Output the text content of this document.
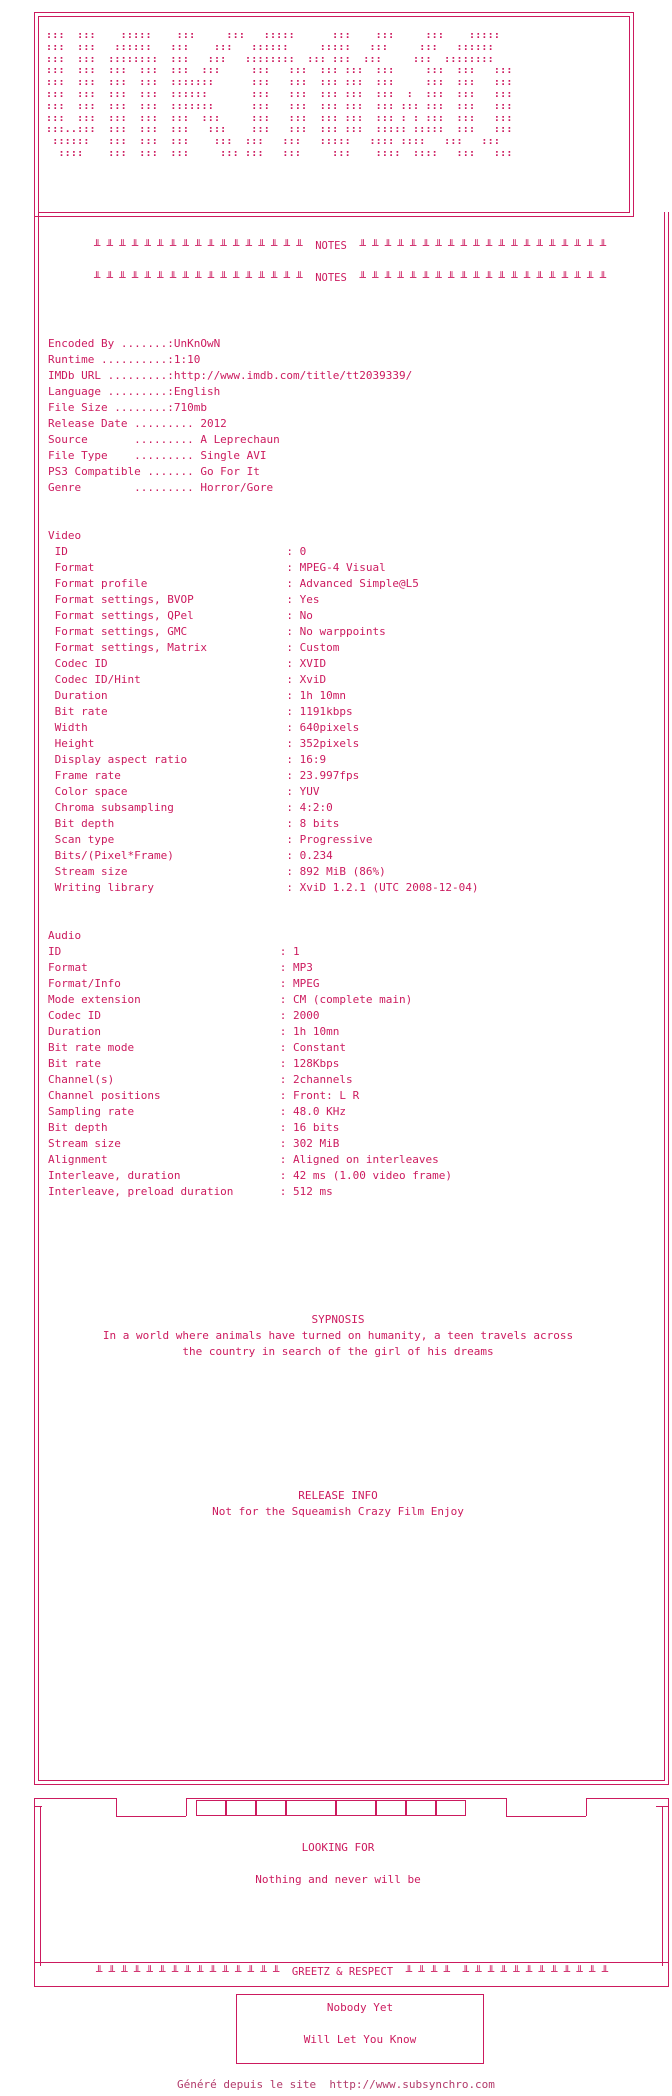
:::  :::    :::::    :::     :::   :::::      :::    :::     :::    :::::
:::  :::   ::::::   :::    :::   ::::::     :::::   :::     :::   ::::::
:::  :::  ::::::::  :::   :::   ::::::::  ::: :::  :::     :::  ::::::::
:::  :::  :::  :::  :::  :::     :::   :::  ::: :::  :::     :::  :::   :::
:::  :::  :::  :::  :::::::      :::   :::  ::: :::  :::     :::  :::   :::
:::  :::  :::  :::  ::::::       :::   :::  ::: :::  :::  :  :::  :::   :::
:::  :::  :::  :::  :::::::      :::   :::  ::: :::  ::: ::: :::  :::   :::
:::  :::  :::  :::  :::  :::     :::   :::  ::: :::  ::: : : :::  :::   :::
:::..:::  :::  :::  :::   :::    :::   :::  ::: :::  ::::: :::::  :::   :::
::::::   :::  :::  :::    :::  :::   :::   :::::   :::: ::::   :::   :::
::::    :::  :::  :::     ::: :::   :::     :::    ::::  ::::   :::   :::
╨ ╨ ╨ ╨ ╨ ╨ ╨ ╨ ╨ ╨ ╨ ╨ ╨ ╨ ╨ ╨ ╨  NOTES  ╨ ╨ ╨ ╨ ╨ ╨ ╨ ╨ ╨ ╨ ╨ ╨ ╨ ╨ ╨ ╨ ╨ ╨ ╨ ╨
╨ ╨ ╨ ╨ ╨ ╨ ╨ ╨ ╨ ╨ ╨ ╨ ╨ ╨ ╨ ╨ ╨  NOTES  ╨ ╨ ╨ ╨ ╨ ╨ ╨ ╨ ╨ ╨ ╨ ╨ ╨ ╨ ╨ ╨ ╨ ╨ ╨ ╨
Encoded By .......:UnKnOwN
Runtime ..........:1:10
IMDb URL .........:http://www.imdb.com/title/tt2039339/
Language .........:English
File Size ........:710mb
Release Date ......... 2012
Source       ......... A Leprechaun
File Type    ......... Single AVI
PS3 Compatible ....... Go For It
Genre        ......... Horror/Gore
Video
ID                                 : 0
Format                             : MPEG-4 Visual
Format profile                     : Advanced Simple@L5
Format settings, BVOP              : Yes
Format settings, QPel              : No
Format settings, GMC               : No warppoints
Format settings, Matrix            : Custom
Codec ID                           : XVID
Codec ID/Hint                      : XviD
Duration                           : 1h 10mn
Bit rate                           : 1191kbps
Width                              : 640pixels
Height                             : 352pixels
Display aspect ratio               : 16:9
Frame rate                         : 23.997fps
Color space                        : YUV
Chroma subsampling                 : 4:2:0
Bit depth                          : 8 bits
Scan type                          : Progressive
Bits/(Pixel*Frame)                 : 0.234
Stream size                        : 892 MiB (86%)
Writing library                    : XviD 1.2.1 (UTC 2008-12-04)
Audio
ID                                 : 1
Format                             : MP3
Format/Info                        : MPEG
Mode extension                     : CM (complete main)
Codec ID                           : 2000
Duration                           : 1h 10mn
Bit rate mode                      : Constant
Bit rate                           : 128Kbps
Channel(s)                         : 2channels
Channel positions                  : Front: L R
Sampling rate                      : 48.0 KHz
Bit depth                          : 16 bits
Stream size                        : 302 MiB
Alignment                          : Aligned on interleaves
Interleave, duration               : 42 ms (1.00 video frame)
Interleave, preload duration       : 512 ms
SYPNOSIS
In a world where animals have turned on humanity, a teen travels across
the country in search of the girl of his dreams
RELEASE INFO
Not for the Squeamish Crazy Film Enjoy
LOOKING FOR
Nothing and never will be
╨ ╨ ╨ ╨ ╨ ╨ ╨ ╨ ╨ ╨ ╨ ╨ ╨ ╨ ╨  GREETZ & RESPECT  ╨ ╨ ╨ ╨  ╨ ╨ ╨ ╨ ╨ ╨ ╨ ╨ ╨ ╨ ╨ ╨
Nobody Yet
Will Let You Know
Généré depuis le site  http://www.subsynchro.com
